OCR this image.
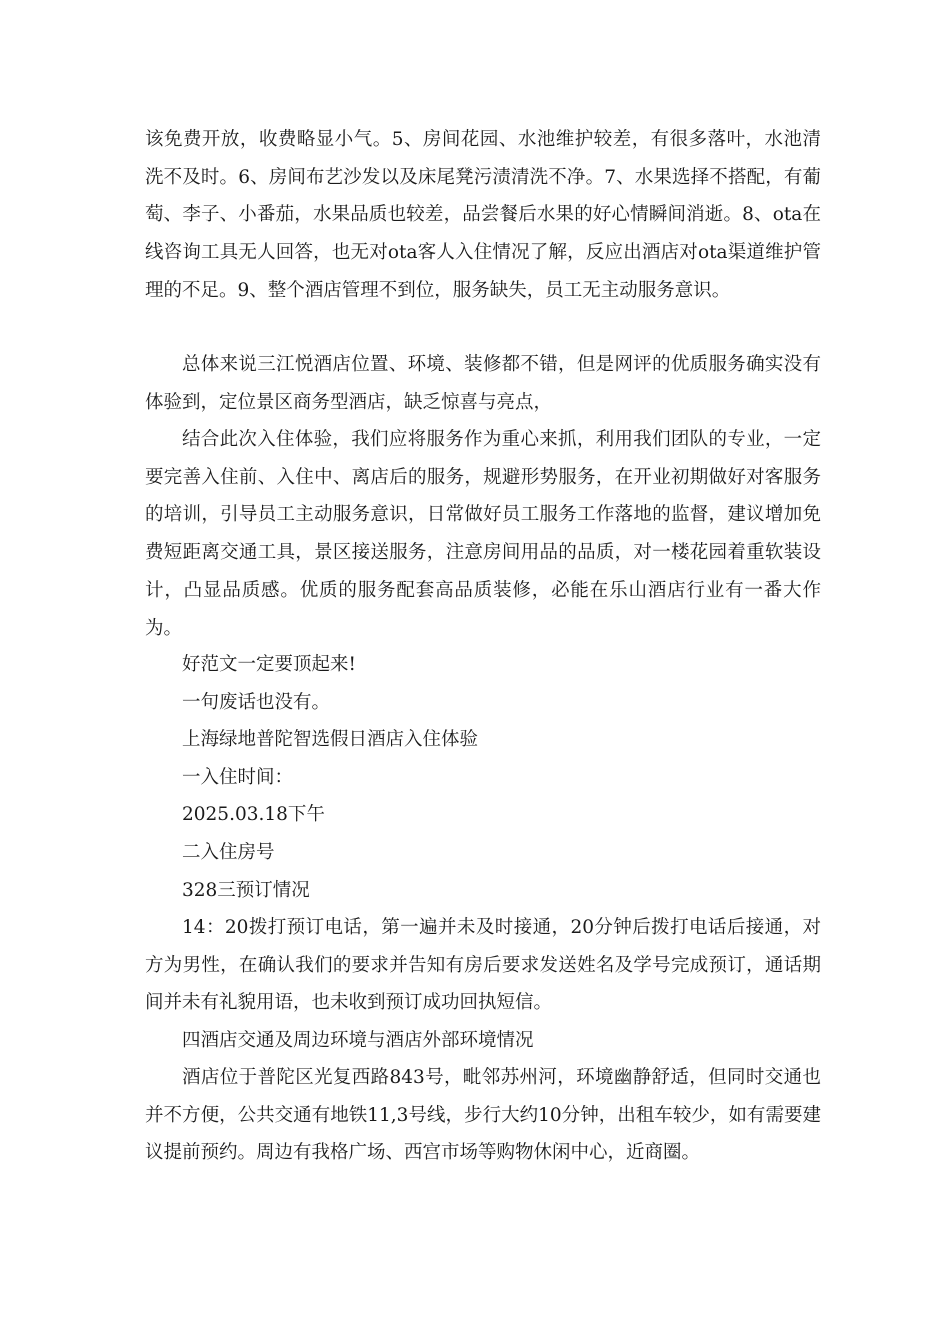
该免费开放，收费略显小气。5、房间花园、水池维护较差，有很多落叶，水池清洗不及时。6、房间布艺沙发以及床尾凳污渍清洗不净。7、水果选择不搭配，有葡萄、李子、小番茄，水果品质也较差，品尝餐后水果的好心情瞬间消逝。8、ota在线咨询工具无人回答，也无对ota客人入住情况了解，反应出酒店对ota渠道维护管理的不足。9、整个酒店管理不到位，服务缺失，员工无主动服务意识。

总体来说三江悦酒店位置、环境、装修都不错，但是网评的优质服务确实没有体验到，定位景区商务型酒店，缺乏惊喜与亮点，

结合此次入住体验，我们应将服务作为重心来抓，利用我们团队的专业，一定要完善入住前、入住中、离店后的服务，规避形势服务，在开业初期做好对客服务的培训，引导员工主动服务意识，日常做好员工服务工作落地的监督，建议增加免费短距离交通工具，景区接送服务，注意房间用品的品质，对一楼花园着重软装设计，凸显品质感。优质的服务配套高品质装修，必能在乐山酒店行业有一番大作为。

好范文一定要顶起来!

一句废话也没有。

上海绿地普陀智选假日酒店入住体验

一入住时间：

2025.03.18下午

二入住房号

328三预订情况

14：20拨打预订电话，第一遍并未及时接通，20分钟后拨打电话后接通，对方为男性，在确认我们的要求并告知有房后要求发送姓名及学号完成预订，通话期间并未有礼貌用语，也未收到预订成功回执短信。

四酒店交通及周边环境与酒店外部环境情况

酒店位于普陀区光复西路843号，毗邻苏州河，环境幽静舒适，但同时交通也并不方便，公共交通有地铁11,3号线，步行大约10分钟，出租车较少，如有需要建议提前预约。周边有我格广场、西宫市场等购物休闲中心，近商圈。
